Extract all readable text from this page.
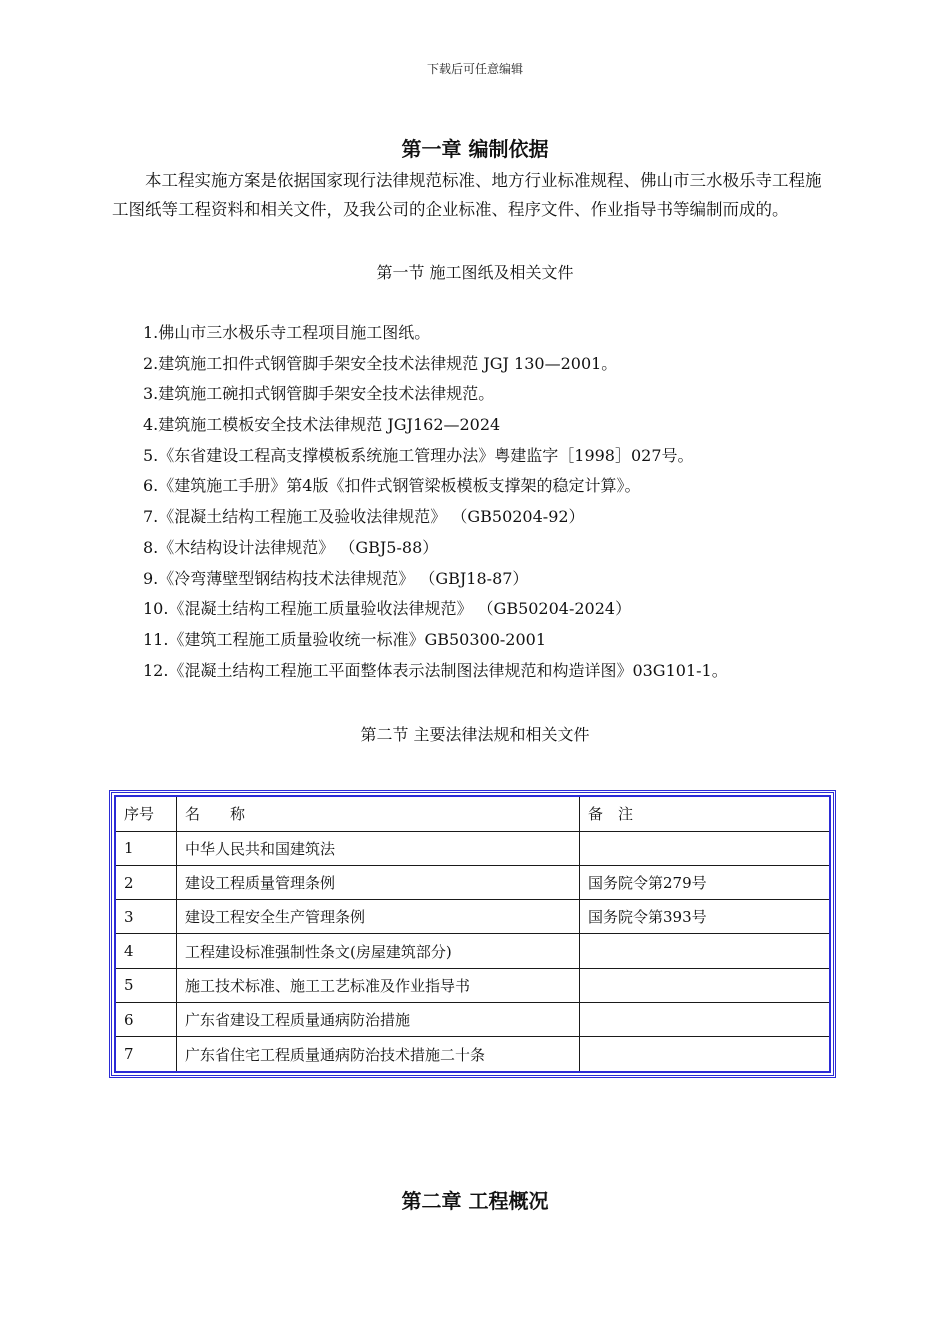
下载后可任意编辑
第一章 编制依据

本工程实施方案是依据国家现行法律规范标准、地方行业标准规程、佛山市三水极乐寺工程施工图纸等工程资料和相关文件，及我公司的企业标准、程序文件、作业指导书等编制而成的。

第一节 施工图纸及相关文件
1.佛山市三水极乐寺工程项目施工图纸。
2.建筑施工扣件式钢管脚手架安全技术法律规范 JGJ 130—2001。
3.建筑施工碗扣式钢管脚手架安全技术法律规范。
4.建筑施工模板安全技术法律规范 JGJ162—2024
5.《东省建设工程高支撑模板系统施工管理办法》粤建监字［1998］027号。
6.《建筑施工手册》第4版《扣件式钢管梁板模板支撑架的稳定计算》。
7.《混凝土结构工程施工及验收法律规范》 （GB50204-92）
8.《木结构设计法律规范》 （GBJ5-88）
9.《冷弯薄壁型钢结构技术法律规范》 （GBJ18-87）
10.《混凝土结构工程施工质量验收法律规范》 （GB50204-2024）
11.《建筑工程施工质量验收统一标准》GB50300-2001
12.《混凝土结构工程施工平面整体表示法制图法律规范和构造详图》03G101-1。
第二节 主要法律法规和相关文件
序号	名　　称	备　注
1	中华人民共和国建筑法	
2	建设工程质量管理条例	国务院令第279号
3	建设工程安全生产管理条例	国务院令第393号
4	工程建设标准强制性条文(房屋建筑部分)	
5	施工技术标准、施工工艺标准及作业指导书	
6	广东省建设工程质量通病防治措施	
7	广东省住宅工程质量通病防治技术措施二十条	
第二章 工程概况
